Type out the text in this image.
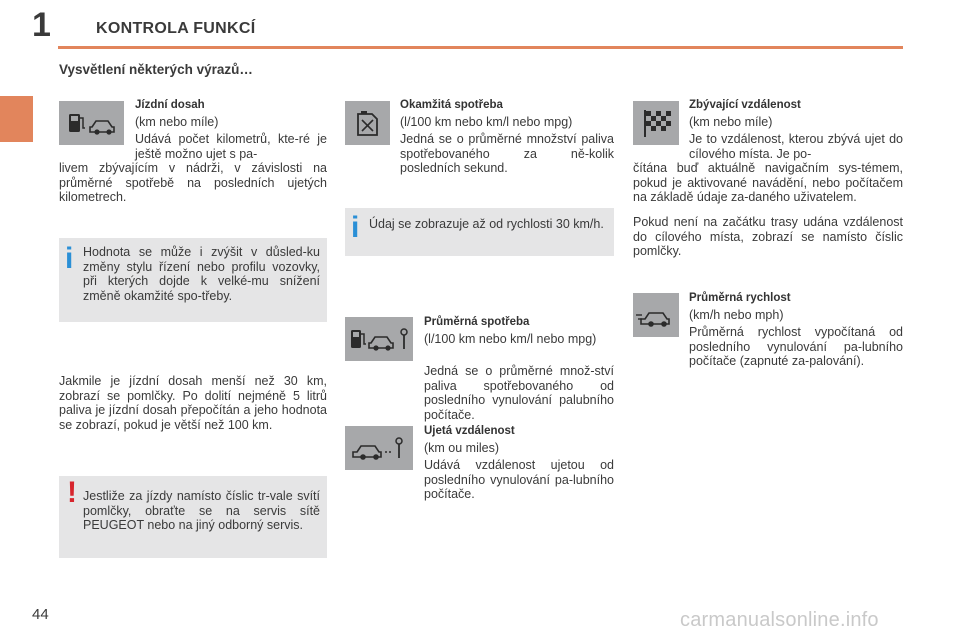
1	KONTROLA FUNKCÍ
Vysvětlení některých výrazů…
Jízdní dosah
(km nebo míle)
Udává počet kilometrů, kte-ré je ještě možno ujet s pa-
livem zbývajícím v nádrži, v závislosti na průměrné spotřebě na posledních ujetých kilometrech.
i Hodnota se může i zvýšit v důsled-ku změny stylu řízení nebo profilu vozovky, při kterých dojde k velké-mu snížení změně okamžité spo-třeby.
Jakmile je jízdní dosah menší než 30 km, zobrazí se pomlčky. Po dolití nejméně 5 litrů paliva je jízdní dosah přepočítán a jeho hodnota se zobrazí, pokud je větší než 100 km.
! Jestliže za jízdy namísto číslic tr-vale svítí pomlčky, obraťte se na servis sítě PEUGEOT nebo na jiný odborný servis.
Okamžitá spotřeba
(l/100 km nebo km/l nebo mpg)
Jedná se o průměrné množství paliva spotřebovaného za ně-kolik posledních sekund.
i Údaj se zobrazuje až od rychlosti 30 km/h.
Průměrná spotřeba
(l/100 km nebo km/l nebo mpg)
Jedná se o průměrné množ-ství paliva spotřebovaného od posledního vynulování palubního počítače.
Ujetá vzdálenost
(km ou miles)
Udává vzdálenost ujetou od posledního vynulování pa-lubního počítače.
Zbývající vzdálenost
(km nebo míle)
Je to vzdálenost, kterou zbývá ujet do cílového místa. Je po-
čítána buď aktuálně navigačním sys-témem, pokud je aktivované navádění, nebo počítačem na základě údaje za-daného uživatelem.
Pokud není na začátku trasy udána vzdálenost do cílového místa, zobrazí se namísto číslic pomlčky.
Průměrná rychlost
(km/h nebo mph)
Průměrná rychlost vypočítaná od posledního vynulování pa-lubního počítače (zapnuté za-palování).
44	carmanualsonline.info
